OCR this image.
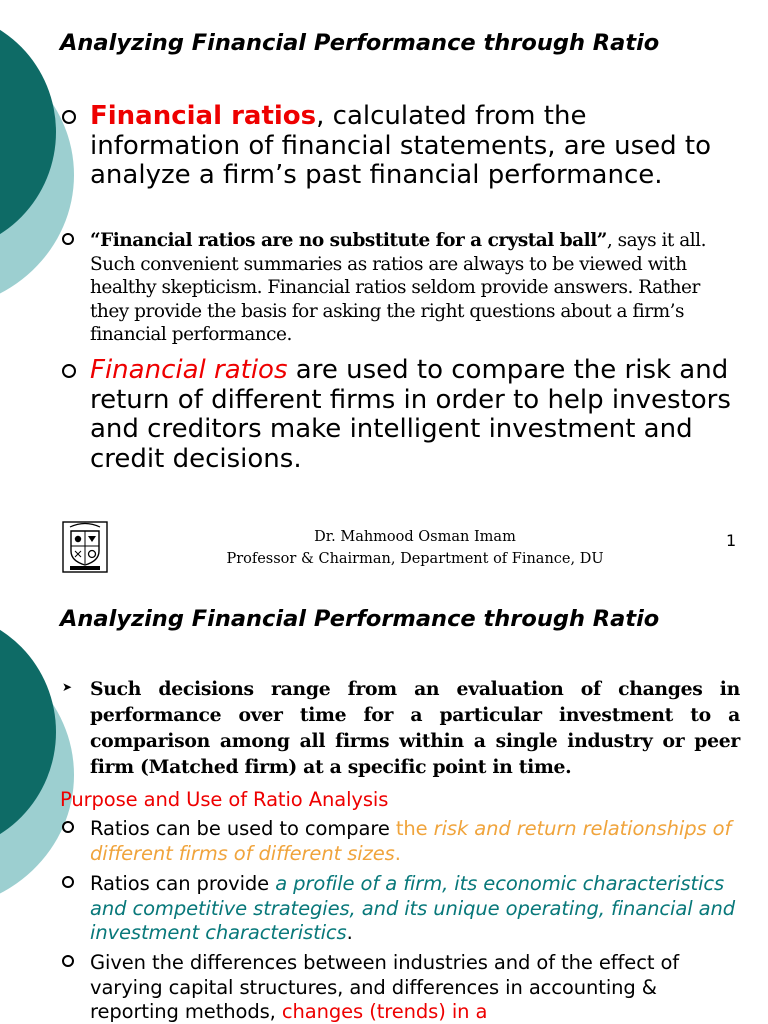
Analyzing Financial Performance through Ratio
Financial ratios, calculated from the information of financial statements, are used to analyze a firm’s past financial performance.
“Financial ratios are no substitute for a crystal ball”, says it all. Such convenient summaries as ratios are always to be viewed with healthy skepticism. Financial ratios seldom provide answers. Rather they provide the basis for asking the right questions about a firm’s financial performance.
Financial ratios are used to compare the risk and return of different firms in order to help investors and creditors make intelligent investment and credit decisions.
Dr. Mahmood Osman Imam
Professor & Chairman, Department of Finance, DU
1
Analyzing Financial Performance through Ratio
➤ Such decisions range from an evaluation of changes in performance over time for a particular investment to a comparison among all firms within a single industry or peer firm (Matched firm) at a specific point in time.
Purpose and Use of Ratio Analysis
Ratios can be used to compare the risk and return relationships of different firms of different sizes.
Ratios can provide a profile of a firm, its economic characteristics and competitive strategies, and its unique operating, financial and investment characteristics.
Given the differences between industries and of the effect of varying capital structures, and differences in accounting & reporting methods, changes (trends) in a
